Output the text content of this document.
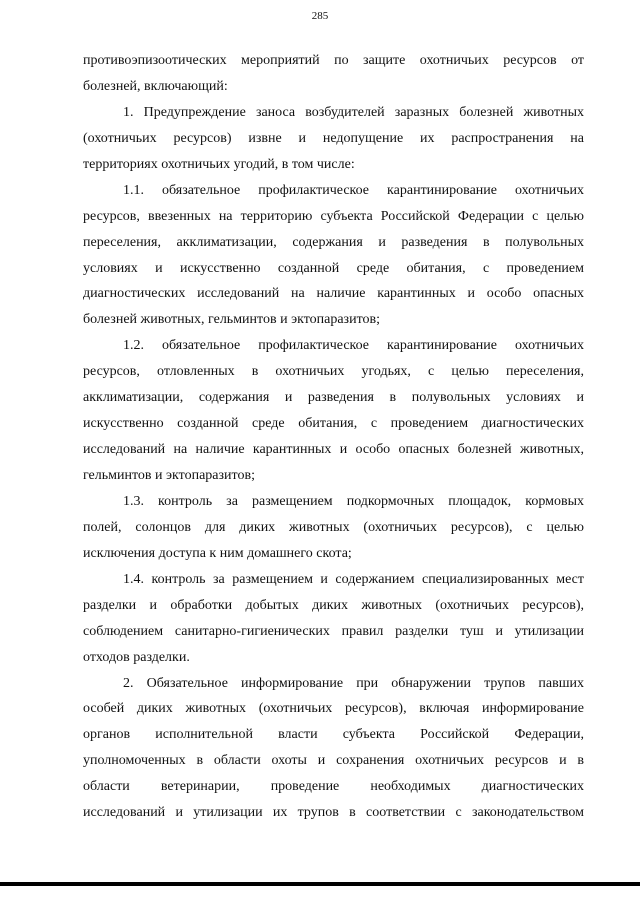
285
противоэпизоотических мероприятий по защите охотничьих ресурсов от
болезней, включающий:
1. Предупреждение заноса возбудителей заразных болезней животных
(охотничьих ресурсов) извне и недопущение их распространения на
территориях охотничьих угодий, в том числе:
1.1. обязательное профилактическое карантинирование охотничьих
ресурсов, ввезенных на территорию субъекта Российской Федерации с целью
переселения, акклиматизации, содержания и разведения в полувольных
условиях и искусственно созданной среде обитания, с проведением
диагностических исследований на наличие карантинных и особо опасных
болезней животных, гельминтов и эктопаразитов;
1.2. обязательное профилактическое карантинирование охотничьих
ресурсов, отловленных в охотничьих угодьях, с целью переселения,
акклиматизации, содержания и разведения в полувольных условиях и
искусственно созданной среде обитания, с проведением диагностических
исследований на наличие карантинных и особо опасных болезней животных,
гельминтов и эктопаразитов;
1.3. контроль за размещением подкормочных площадок, кормовых
полей, солонцов для диких животных (охотничьих ресурсов), с целью
исключения доступа к ним домашнего скота;
1.4. контроль за размещением и содержанием специализированных мест
разделки и обработки добытых диких животных (охотничьих ресурсов),
соблюдением санитарно-гигиенических правил разделки туш и утилизации
отходов разделки.
2. Обязательное информирование при обнаружении трупов павших
особей диких животных (охотничьих ресурсов), включая информирование
органов исполнительной власти субъекта Российской Федерации,
уполномоченных в области охоты и сохранения охотничьих ресурсов и в
области ветеринарии, проведение необходимых диагностических
исследований и утилизации их трупов в соответствии с законодательством
